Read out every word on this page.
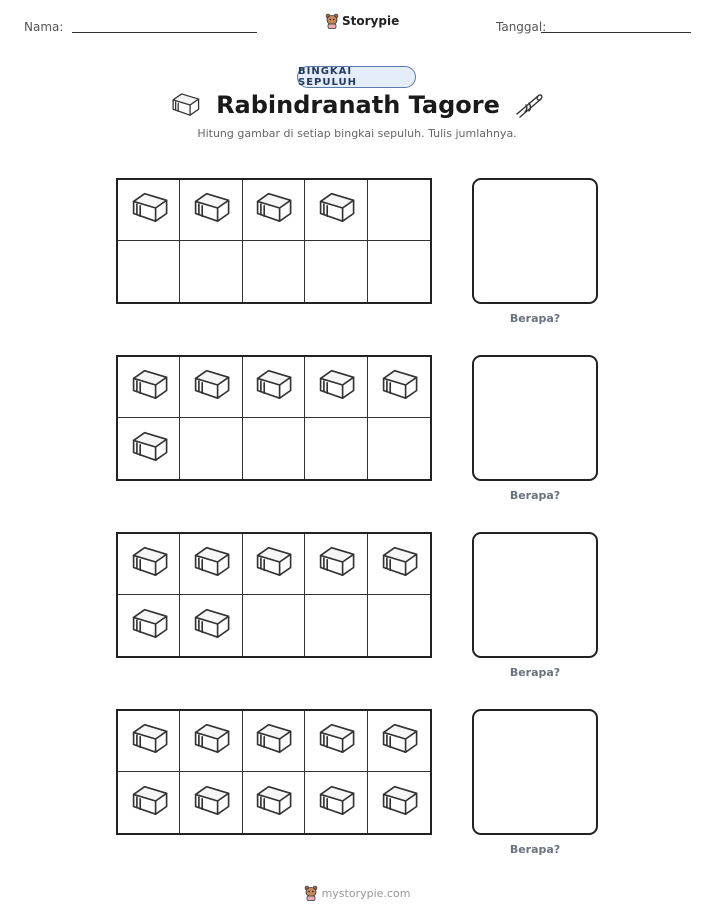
Nama:	Storypie	Tanggal:
BINGKAI SEPULUH
Rabindranath Tagore
Hitung gambar di setiap bingkai sepuluh. Tulis jumlahnya.
Berapa?
Berapa?
Berapa?
Berapa?
mystorypie.com
